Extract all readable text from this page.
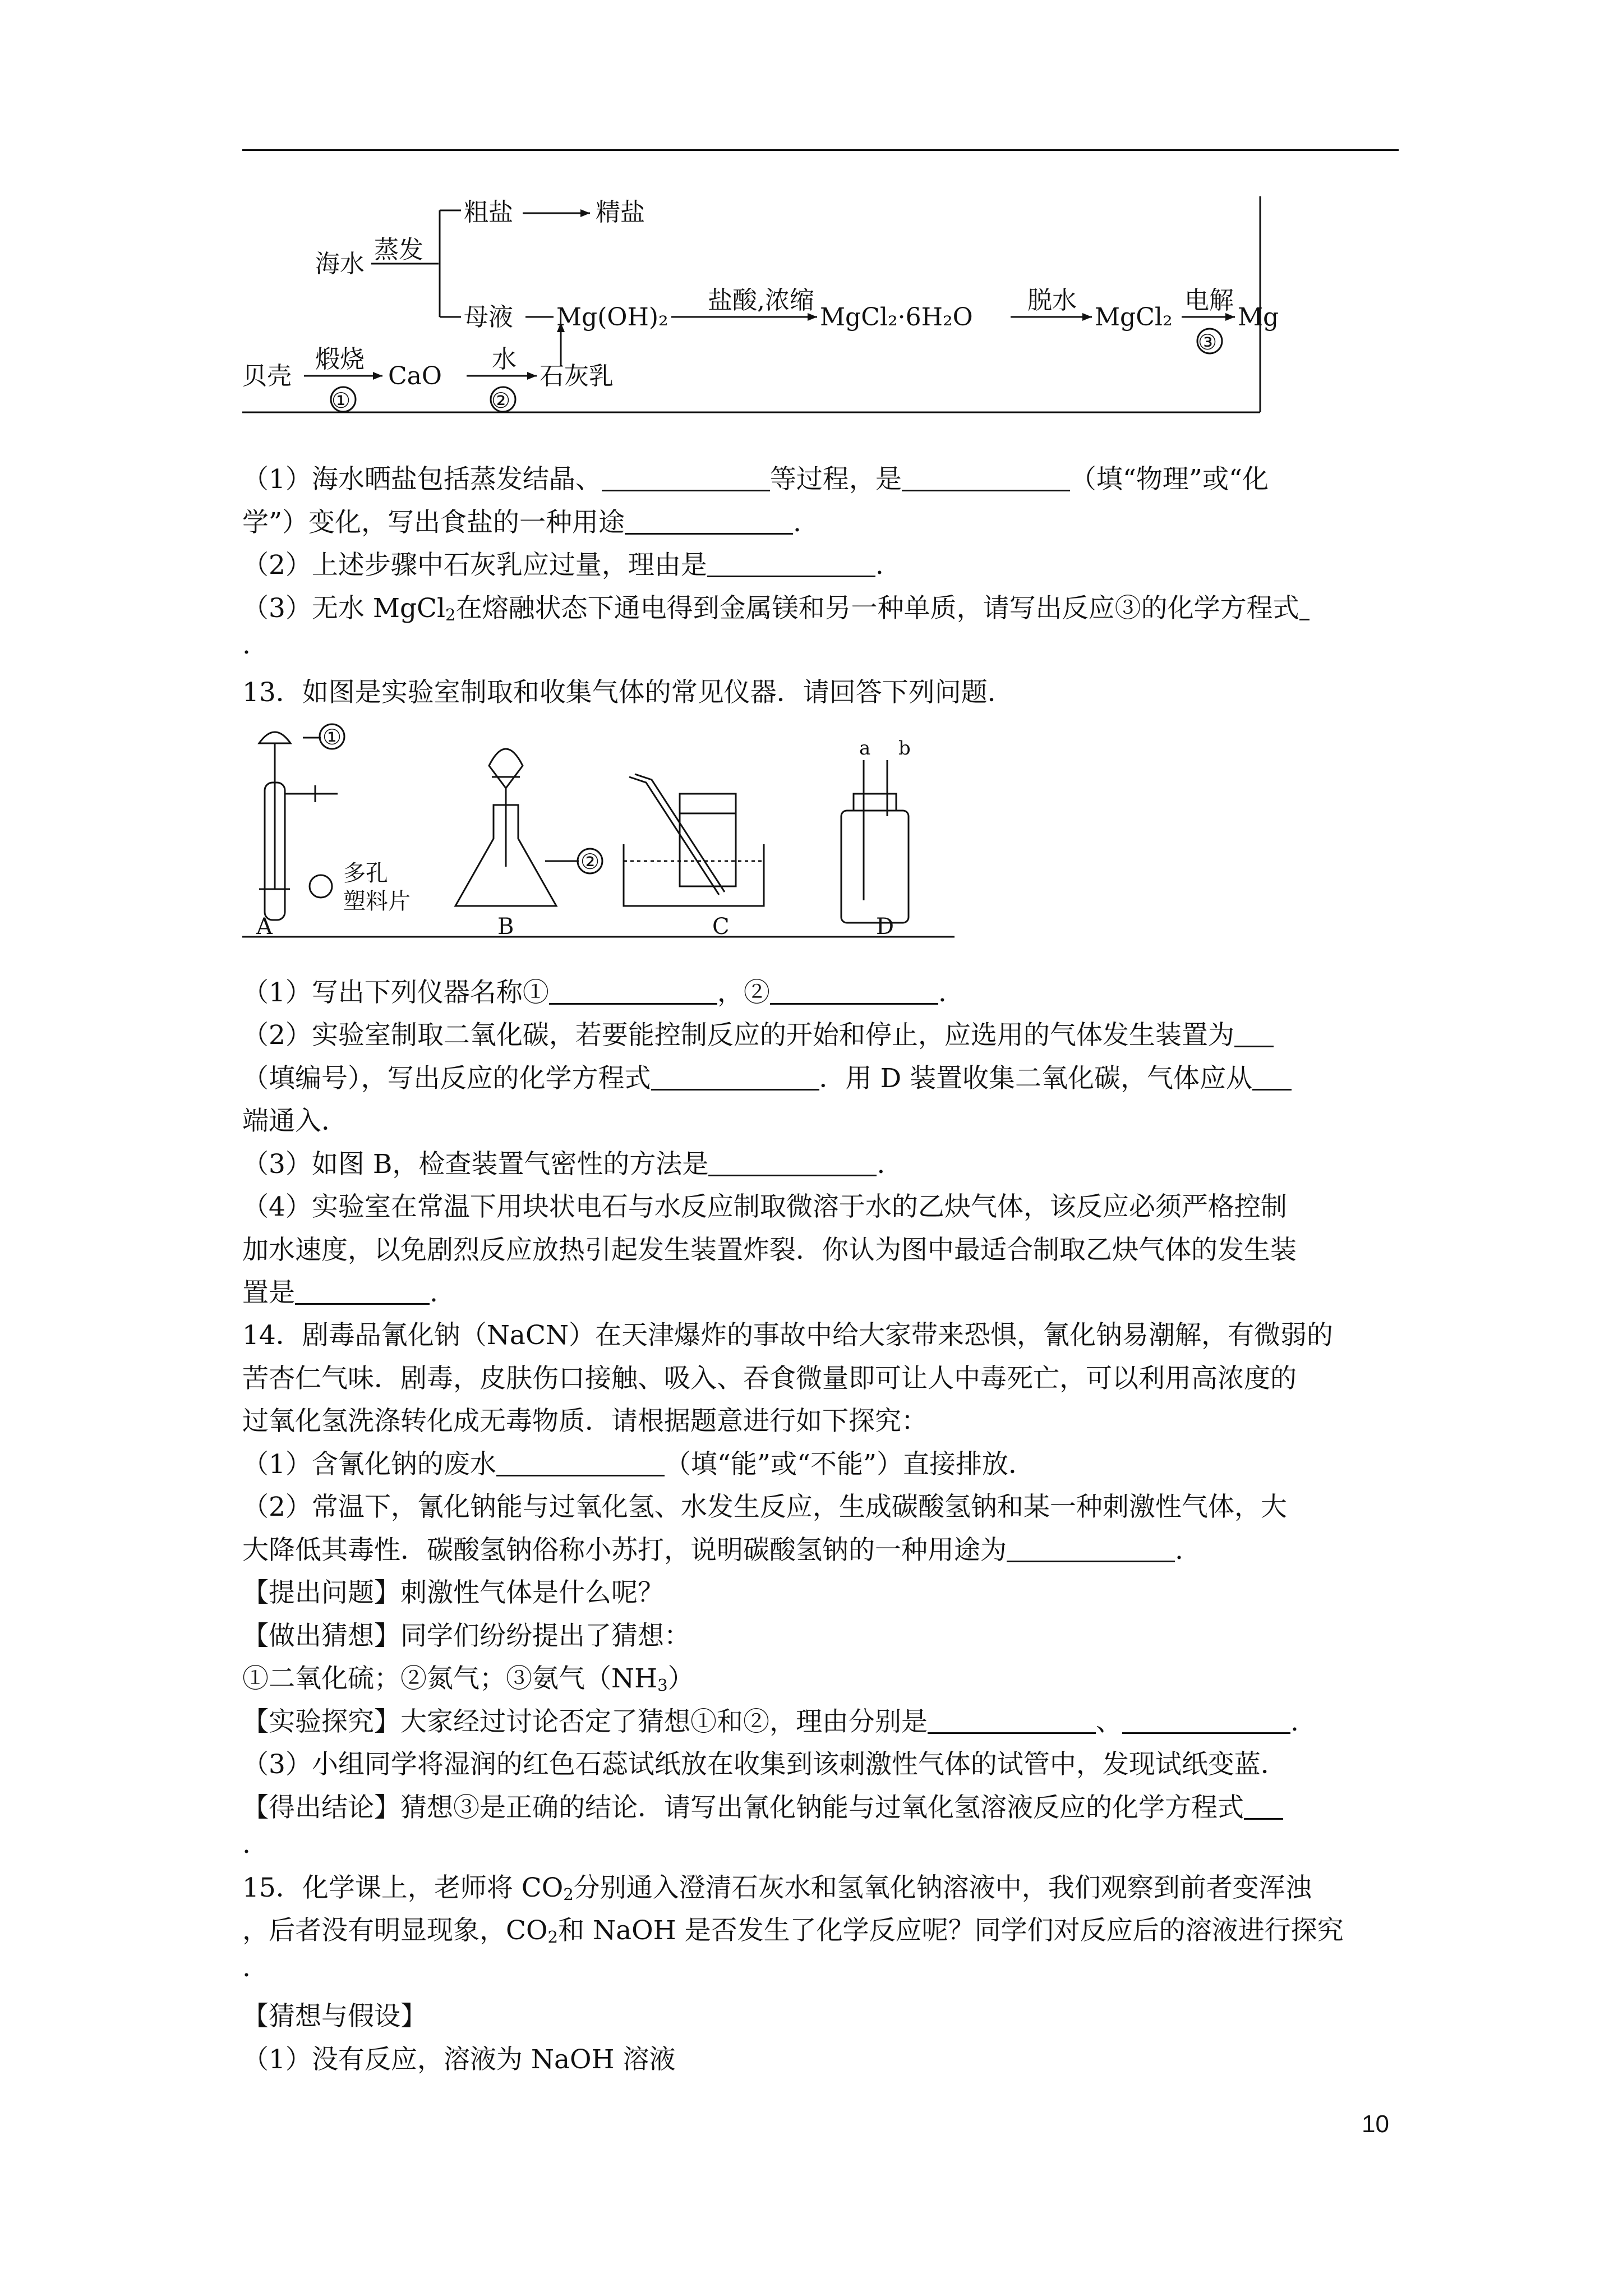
海水 蒸发
粗盐	精盐
母液 Mg(OH)₂
盐酸,浓缩
MgCl₂·6H₂O
脱水
MgCl₂
电解
③
Mg
贝壳
煅烧
①
CaO
水
②
石灰乳
①
②
多孔
塑料片
A	B	C	D
a b
（1）海水晒盐包括蒸发结晶、	等过程，是	（填“物理”或“化
学”）变化，写出食盐的一种用途	.
（2）上述步骤中石灰乳应过量，理由是	.
（3）无水 MgCl$_2$在熔融状态下通电得到金属镁和另一种单质，请写出反应③的化学方程式
.
13．如图是实验室制取和收集气体的常见仪器．请回答下列问题．
（1）写出下列仪器名称①	，②	.
（2）实验室制取二氧化碳，若要能控制反应的开始和停止，应选用的气体发生装置为
（填编号），写出反应的化学方程式	．用 D 装置收集二氧化碳，气体应从
端通入．
（3）如图 B，检查装置气密性的方法是	.
（4）实验室在常温下用块状电石与水反应制取微溶于水的乙炔气体，该反应必须严格控制
加水速度，以免剧烈反应放热引起发生装置炸裂．你认为图中最适合制取乙炔气体的发生装
置是	.
14．剧毒品氰化钠（NaCN）在天津爆炸的事故中给大家带来恐惧，氰化钠易潮解，有微弱的
苦杏仁气味．剧毒，皮肤伤口接触、吸入、吞食微量即可让人中毒死亡，可以利用高浓度的
过氧化氢洗涤转化成无毒物质．请根据题意进行如下探究：
（1）含氰化钠的废水	（填“能”或“不能”）直接排放．
（2）常温下，氰化钠能与过氧化氢、水发生反应，生成碳酸氢钠和某一种刺激性气体，大
大降低其毒性．碳酸氢钠俗称小苏打，说明碳酸氢钠的一种用途为	.
【提出问题】刺激性气体是什么呢？
【做出猜想】同学们纷纷提出了猜想：
①二氧化硫；②氮气；③氨气$(NH_3)$
【实验探究】大家经过讨论否定了猜想①和②，理由分别是	、	.
（3）小组同学将湿润的红色石蕊试纸放在收集到该刺激性气体的试管中，发现试纸变蓝．
【得出结论】猜想③是正确的结论．请写出氰化钠能与过氧化氢溶液反应的化学方程式
.
15．化学课上，老师将 $CO_2$分别通入澄清石灰水和氢氧化钠溶液中，我们观察到前者变浑浊
，后者没有明显现象，$CO_2$和 NaOH 是否发生了化学反应呢？同学们对反应后的溶液进行探究
.
【猜想与假设】
（1）没有反应，溶液为 NaOH 溶液
10
